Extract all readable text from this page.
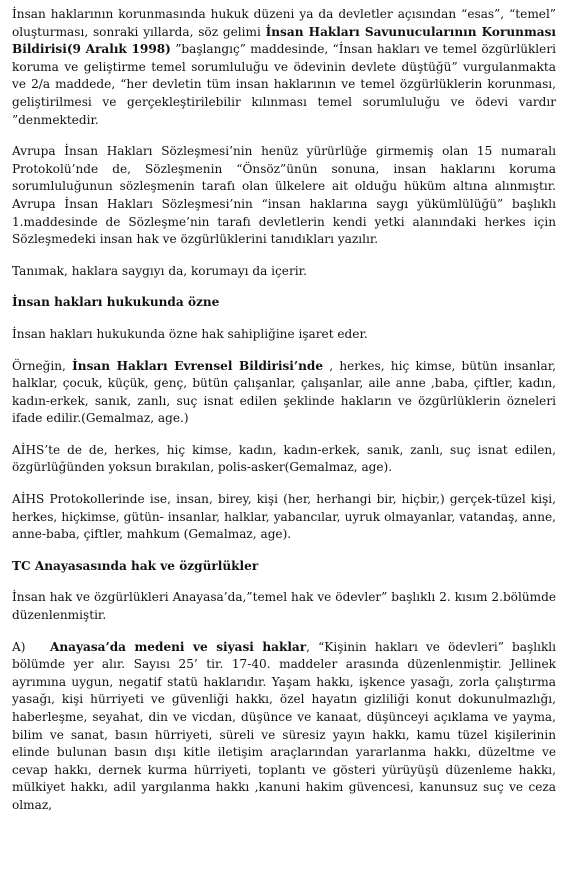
İnsan haklarının korunmasında hukuk düzeni ya da devletler açısından “esas”, “temel” oluşturması, sonraki yıllarda, söz gelimi İnsan Hakları Savunucularının Korunması Bildirisi(9 Aralık 1998) ”başlangıç” maddesinde, “İnsan hakları ve temel özgürlükleri koruma ve geliştirme temel sorumluluğu ve ödevinin devlete düştüğü” vurgulanmakta ve 2/a maddede, “her devletin tüm insan haklarının ve temel özgürlüklerin korunması, geliştirilmesi ve gerçekleştirilebilir kılınması temel sorumluluğu ve ödevi vardır ”denmektedir.

Avrupa İnsan Hakları Sözleşmesi’nin henüz yürürlüğe girmemiş olan 15 numaralı Protokolü’nde de, Sözleşmenin “Önsöz”ünün sonuna, insan haklarını koruma sorumluluğunun sözleşmenin tarafı olan ülkelere ait olduğu hüküm altına alınmıştır. Avrupa İnsan Hakları Sözleşmesi’nin “insan haklarına saygı yükümlülüğü” başlıklı 1.maddesinde de Sözleşme’nin tarafı devletlerin kendi yetki alanındaki herkes için Sözleşmedeki insan hak ve özgürlüklerini tanıdıkları yazılır.

Tanımak, haklara saygıyı da, korumayı da içerir.

İnsan hakları hukukunda özne

İnsan hakları hukukunda özne hak sahipliğine işaret eder.

Örneğin, İnsan Hakları Evrensel Bildirisi’nde , herkes, hiç kimse, bütün insanlar, halklar, çocuk, küçük, genç, bütün çalışanlar, çalışanlar, aile anne ,baba, çiftler, kadın, kadın-erkek, sanık, zanlı, suç isnat edilen şeklinde hakların ve özgürlüklerin özneleri ifade edilir.(Gemalmaz, age.)

AİHS’te de de, herkes, hiç kimse, kadın, kadın-erkek, sanık, zanlı, suç isnat edilen, özgürlüğünden yoksun bırakılan, polis-asker(Gemalmaz, age).

AİHS Protokollerinde ise, insan, birey, kişi (her, herhangi bir, hiçbir,) gerçek-tüzel kişi, herkes, hiçkimse, gütün- insanlar, halklar, yabancılar, uyruk olmayanlar, vatandaş, anne, anne-baba, çiftler, mahkum (Gemalmaz, age).

TC Anayasasında hak ve özgürlükler

İnsan hak ve özgürlükleri Anayasa’da,”temel hak ve ödevler” başlıklı 2. kısım 2.bölümde düzenlenmiştir.

A) Anayasa’da medeni ve siyasi haklar, “Kişinin hakları ve ödevleri” başlıklı bölümde yer alır. Sayısı 25’ tir. 17-40. maddeler arasında düzenlenmiştir. Jellinek ayrımına uygun, negatif statü haklarıdır. Yaşam hakkı, işkence yasağı, zorla çalıştırma yasağı, kişi hürriyeti ve güvenliği hakkı, özel hayatın gizliliği konut dokunulmazlığı, haberleşme, seyahat, din ve vicdan, düşünce ve kanaat, düşünceyi açıklama ve yayma, bilim ve sanat, basın hürriyeti, süreli ve süresiz yayın hakkı, kamu tüzel kişilerinin elinde bulunan basın dışı kitle iletişim araçlarından yararlanma hakkı, düzeltme ve cevap hakkı, dernek kurma hürriyeti, toplantı ve gösteri yürüyüşü düzenleme hakkı, mülkiyet hakkı, adil yargılanma hakkı ,kanuni hakim güvencesi, kanunsuz suç ve ceza olmaz,
